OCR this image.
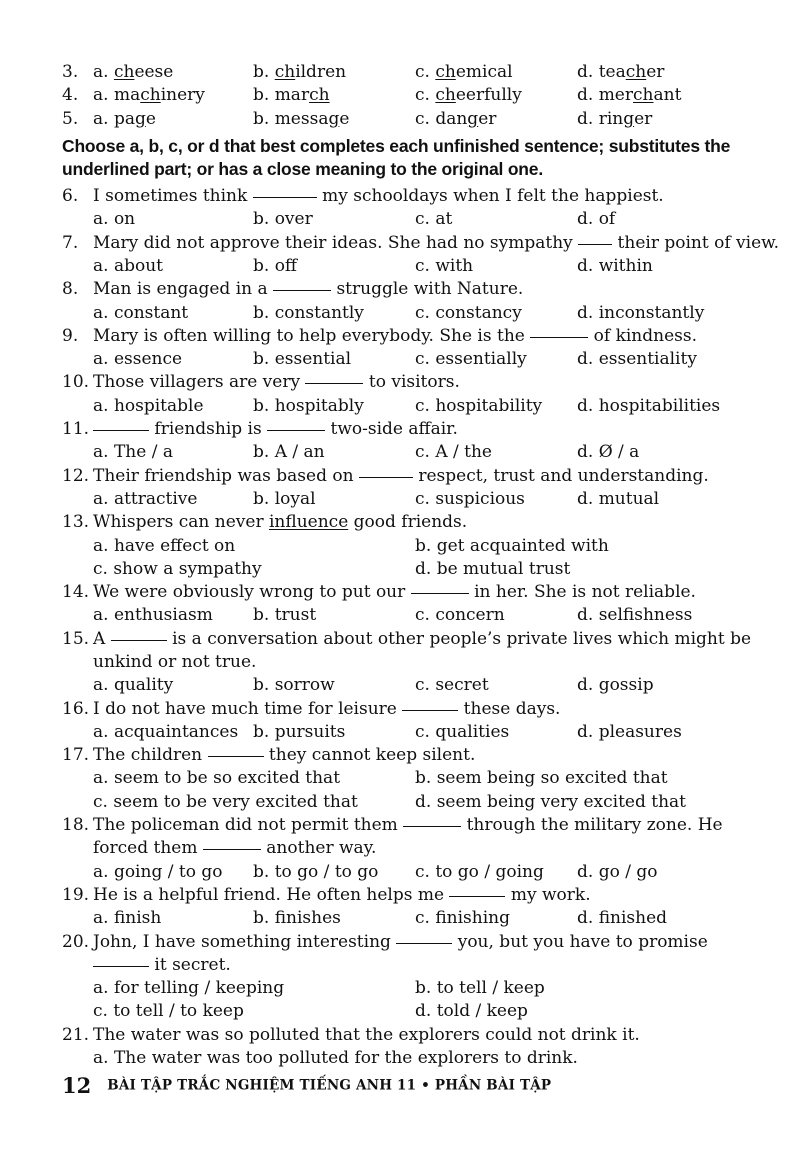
3. a. cheese	b. children	c. chemical	d. teacher
4. a. machinery	b. march	c. cheerfully	d. merchant
5. a. page	b. message	c. danger	d. ringer
Choose a, b, c, or d that best completes each unfinished sentence; substitutes the underlined part; or has a close meaning to the original one.
6. I sometimes think	my schooldays when I felt the happiest.
a. on	b. over	c. at	d. of
7. Mary did not approve their ideas. She had no sympathy  their point of view.
a. about	b. off	c. with	d. within
8. Man is engaged in a	struggle with Nature.
a. constant	b. constantly	c. constancy	d. inconstantly
9. Mary is often willing to help everybody. She is the	of kindness.
a. essence	b. essential	c. essentially	d. essentiality
10. Those villagers are very	to visitors.
a. hospitable	b. hospitably	c. hospitability d. hospitabilities
11.	friendship is	two-side affair.
a. The / a	b. A / an	c. A / the	d. Ø / a
12. Their friendship was based on	respect, trust and understanding.
a. attractive	b. loyal	c. suspicious	d. mutual
13. Whispers can never influence good friends.
a. have effect on	b. get acquainted with
c. show a sympathy	d. be mutual trust
14. We were obviously wrong to put our	in her. She is not reliable.
a. enthusiasm b. trust	c. concern	d. selfishness
15. A	is a conversation about other people’s private lives which might be
unkind or not true.
a. quality	b. sorrow	c. secret	d. gossip
16. I do not have much time for leisure	these days.
a. acquaintances b. pursuits	c. qualities	d. pleasures
17. The children	they cannot keep silent.
a. seem to be so excited that	b. seem being so excited that
c. seem to be very excited that	d. seem being very excited that
18. The policeman did not permit them	through the military zone. He
forced them	another way.
a. going / to go b. to go / to go c. to go / going d. go / go
19. He is a helpful friend. He often helps me	my work.
a. finish	b. finishes	c. finishing	d. finished
20. John, I have something interesting	you, but you have to promise
it secret.
a. for telling / keeping	b. to tell / keep
c. to tell / to keep	d. told / keep
21. The water was so polluted that the explorers could not drink it.
a. The water was too polluted for the explorers to drink.
12 BÀI TẬP TRẮC NGHIỆM TIẾNG ANH 11 • PHẦN BÀI TẬP
